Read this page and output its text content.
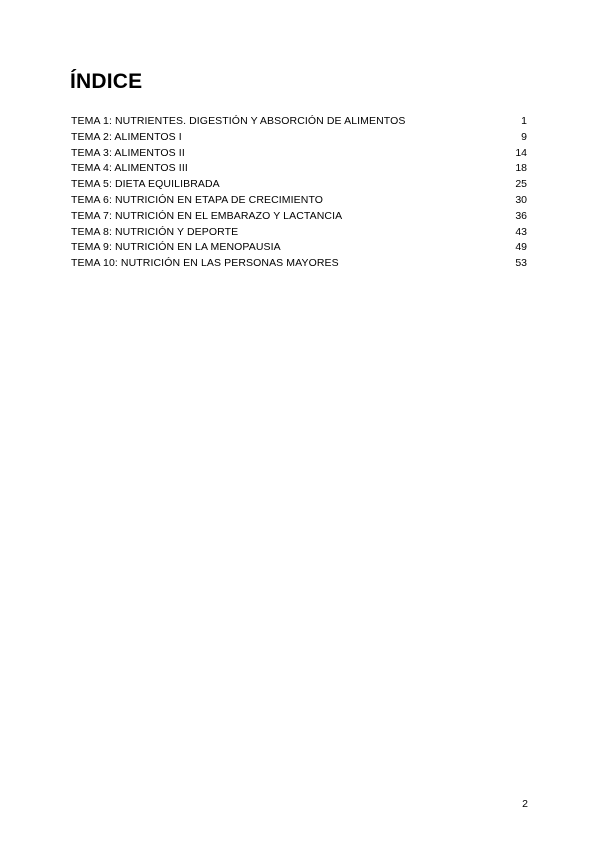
ÍNDICE
TEMA 1: NUTRIENTES. DIGESTIÓN Y ABSORCIÓN DE ALIMENTOS	1
TEMA 2: ALIMENTOS I	9
TEMA 3: ALIMENTOS II	14
TEMA 4: ALIMENTOS III	18
TEMA 5: DIETA EQUILIBRADA	25
TEMA 6: NUTRICIÓN EN ETAPA DE CRECIMIENTO	30
TEMA 7: NUTRICIÓN EN EL EMBARAZO Y LACTANCIA	36
TEMA 8: NUTRICIÓN Y DEPORTE	43
TEMA 9: NUTRICIÓN EN LA MENOPAUSIA	49
TEMA 10: NUTRICIÓN EN LAS PERSONAS MAYORES	53
2
